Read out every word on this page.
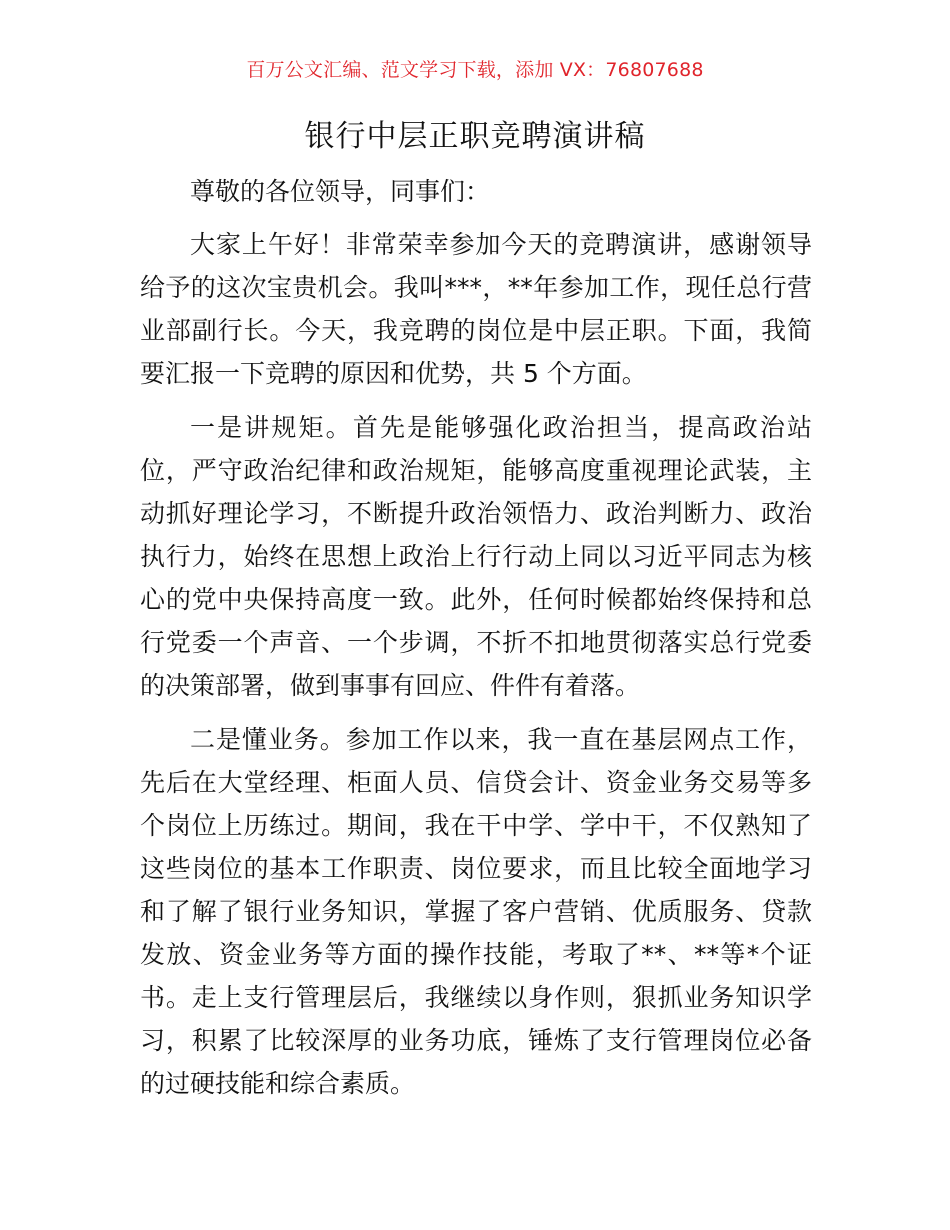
百万公文汇编、范文学习下载，添加 VX：76807688
银行中层正职竞聘演讲稿

尊敬的各位领导，同事们：

大家上午好！非常荣幸参加今天的竞聘演讲，感谢领导给予的这次宝贵机会。我叫***，**年参加工作，现任总行营业部副行长。今天，我竞聘的岗位是中层正职。下面，我简要汇报一下竞聘的原因和优势，共 5 个方面。

一是讲规矩。首先是能够强化政治担当，提高政治站位，严守政治纪律和政治规矩，能够高度重视理论武装，主动抓好理论学习，不断提升政治领悟力、政治判断力、政治执行力，始终在思想上政治上行行动上同以习近平同志为核心的党中央保持高度一致。此外，任何时候都始终保持和总行党委一个声音、一个步调，不折不扣地贯彻落实总行党委的决策部署，做到事事有回应、件件有着落。

二是懂业务。参加工作以来，我一直在基层网点工作，先后在大堂经理、柜面人员、信贷会计、资金业务交易等多个岗位上历练过。期间，我在干中学、学中干，不仅熟知了这些岗位的基本工作职责、岗位要求，而且比较全面地学习和了解了银行业务知识，掌握了客户营销、优质服务、贷款发放、资金业务等方面的操作技能，考取了**、**等*个证书。走上支行管理层后，我继续以身作则，狠抓业务知识学习，积累了比较深厚的业务功底，锤炼了支行管理岗位必备的过硬技能和综合素质。
